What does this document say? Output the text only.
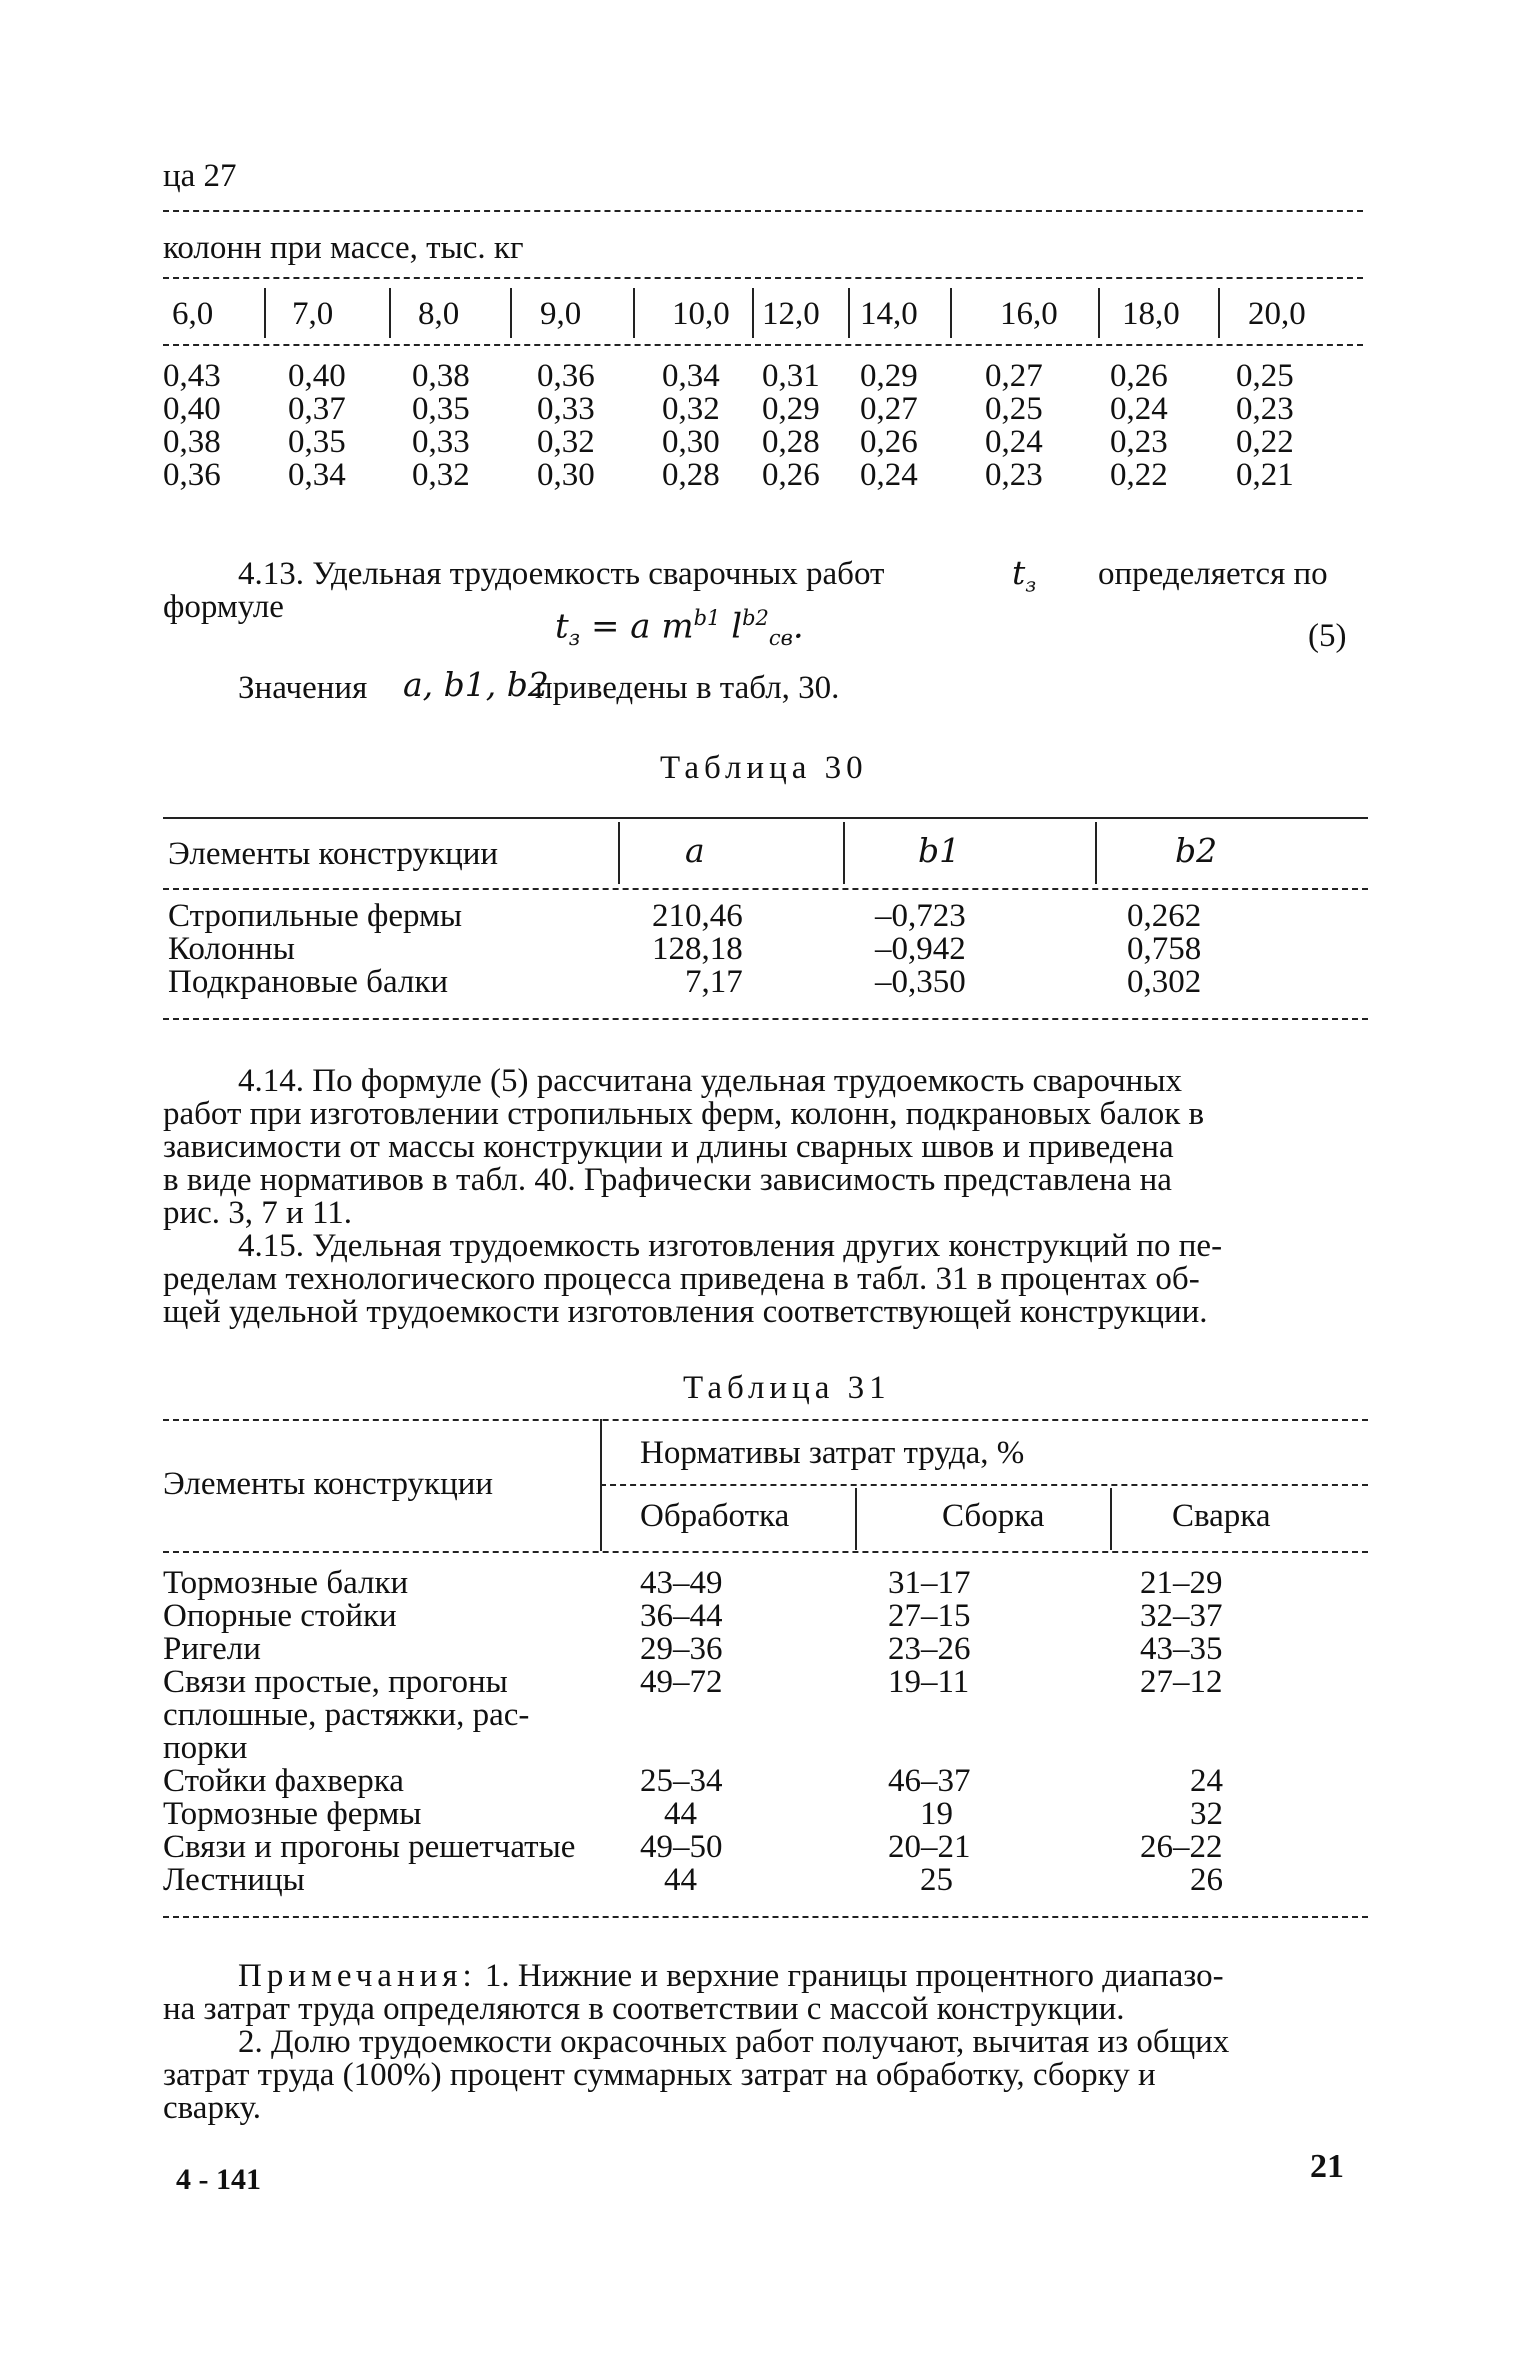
ца 27
колонн при массе, тыс. кг
6,0 7,0	8,0 9,0	10,0 12,0 14,0 16,0 18,0 20,0
0,43 0,40 0,38 0,36 0,34 0,31 0,29 0,27 0,26 0,25
0,40 0,37 0,35 0,33 0,32 0,29 0,27 0,25 0,24 0,23
0,38 0,35 0,33 0,32 0,30 0,28 0,26 0,24 0,23 0,22
0,36 0,34 0,32 0,30 0,28 0,26 0,24 0,23 0,22 0,21
4.13. Удельная трудоемкость сварочных работ	$t_з$ определяется по
формуле	$t_з = a$ $m^{b1}$ $l^{b2}_{св}$.	(5)
Значения a, b1, b2
приведены в табл, 30.
Таблица 30
Элементы конструкции	a	b1	b2
Стропильные фермы	210,46	–0,723	0,262
Колонны	128,18	–0,942	0,758
Подкрановые балки	7,17	–0,350	0,302
4.14. По формуле (5) рассчитана удельная трудоемкость сварочных
работ при изготовлении стропильных ферм, колонн, подкрановых балок в
зависимости от массы конструкции и длины сварных швов и приведена
в виде нормативов в табл. 40. Графически зависимость представлена на
рис. 3, 7 и 11.
4.15. Удельная трудоемкость изготовления других конструкций по пе-
ределам технологического процесса приведена в табл. 31 в процентах об-
щей удельной трудоемкости изготовления соответствующей конструкции.
Таблица 31
Элементы конструкции
Нормативы затрат труда, %
Обработка	Сборка	Сварка
Тормозные балки	43–49	31–17	21–29
Опорные стойки	36–44	27–15	32–37
Ригели	29–36	23–26	43–35
Связи простые, прогоны
сплошные, растяжки, рас-
порки
49–72	19–11	27–12
Стойки фахверка	25–34	46–37	24
Тормозные фермы	44	19	32
Связи и прогоны решетчатые 49–50	20–21	26–22
Лестницы	44	25	26
Примечания: 1. Нижние и верхние границы процентного диапазо-
на затрат труда определяются в соответствии с массой конструкции.
2. Долю трудоемкости окрасочных работ получают, вычитая из общих
затрат труда (100%) процент суммарных затрат на обработку, сборку и
сварку.
4 - 141	21
